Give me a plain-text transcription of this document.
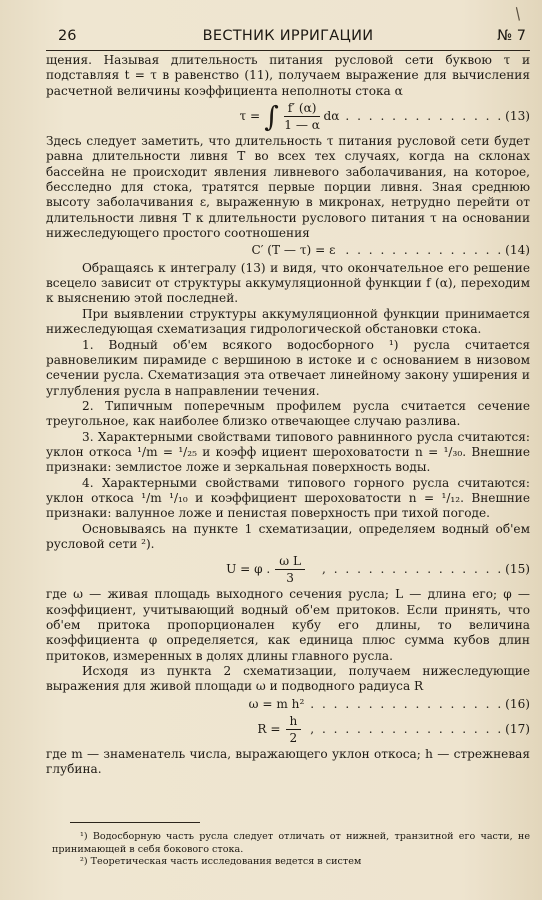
/
26	ВЕСТНИК ИРРИГАЦИИ	№ 7

щения. Называя длительность питания русловой сети буквою τ и подставляя t = τ в равенство (11), получаем выражение для вычисления расчетной величины коэффициента неполноты стока α

τ = ∫ $\frac{f' (\alpha)}{1 — \alpha}$ dα . . . . . . . . . . . . . . (13)

Здесь следует заметить, что длительность τ питания русловой сети будет равна длительности ливня T во всех тех случаях, когда на склонах бассейна не происходит явления ливневого заболачивания, на которое, бесследно для стока, тратятся первые порции ливня. Зная среднюю высоту заболачивания ε, выраженную в микронах, нетрудно перейти от длительности ливня T к длительности руслового питания τ на основании нижеследующего простого соотношения

C′ (T — τ) = ε . . . . . . . . . . . . . . (14)

Обращаясь к интегралу (13) и видя, что окончательное его решение всецело зависит от структуры аккумуляционной функции f (α), переходим к выяснению этой последней.

При выявлении структуры аккумуляционной функции принимается нижеследующая схематизация гидрологической обстановки стока.

1. Водный об'ем всякого водосборного ¹) русла считается равновеликим пирамиде с вершиною в истоке и с основанием в низовом сечении русла. Схематизация эта отвечает линейному закону уширения и углубления русла в направлении течения.

2. Типичным поперечным профилем русла считается сечение треугольное, как наиболее близко отвечающее случаю разлива.

3. Характерными свойствами типового равнинного русла считаются: уклон откоса ¹/m = ¹/₂₅ и коэфф ициент шероховатости n = ¹/₃₀. Внешние признаки: землистое ложе и зеркальная поверхность воды.

4. Характерными свойствами типового горного русла считаются: уклон откоса ¹/m ¹/₁₀ и коэффициент шероховатости n = ¹/₁₂. Внешние признаки: валунное ложе и пенистая поверхность при тихой погоде.

Основываясь на пункте 1 схематизации, определяем водный об'ем русловой сети ²).

U = φ . $\frac{\text{ω L}}{3}$ , . . . . . . . . . . . . . . . (15)

где ω — живая площадь выходного сечения русла; L — длина его; φ — коэффициент, учитывающий водный об'ем притоков. Если принять, что об'ем притока пропорционален кубу его длины, то величина коэффициента φ определяется, как единица плюс сумма кубов длин притоков, измеренных в долях длины главного русла.

Исходя из пункта 2 схематизации, получаем нижеследующие выражения для живой площади ω и подводного радиуса R

ω = m h² . . . . . . . . . . . . . . . . . (16)
$R = \frac{h}{2}$ , . . . . . . . . . . . . . . . . (17)

где m — знаменатель числа, выражающего уклон откоса; h — стрежневая глубина.

¹) Водосборную часть русла следует отличать от нижней, транзитной его части, не принимающей в себя бокового стока.

²) Теоретическая часть исследования ведется в систем
